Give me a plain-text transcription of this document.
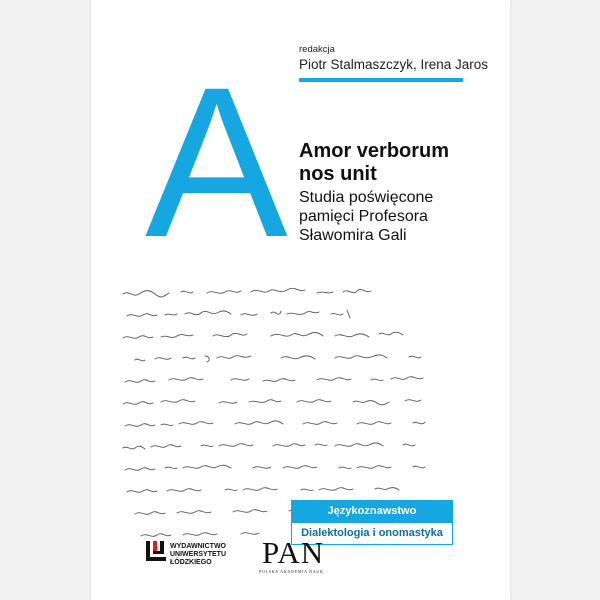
redakcja
Piotr Stalmaszczyk, Irena Jaros
A Amor verborum
nos unit
Studia poświęcone
pamięci Profesora
Sławomira Gali
Językoznawstwo
Dialektologia i onomastyka
WYDAWNICTWO
UNIWERSYTETU
ŁÓDZKIEGO	PAN
POLSKA AKADEMIA NAUK
